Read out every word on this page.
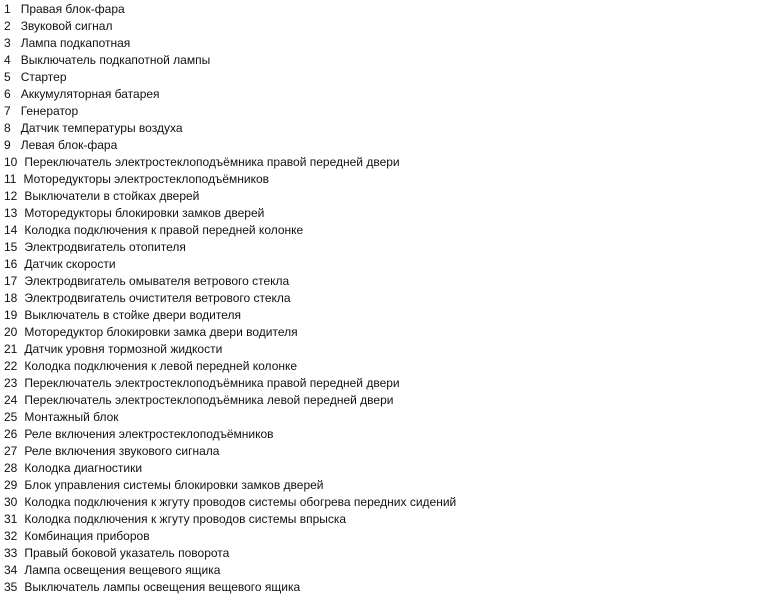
1 Правая блок-фара
2 Звуковой сигнал
3 Лампа подкапотная
4 Выключатель подкапотной лампы
5 Стартер
6 Аккумуляторная батарея
7 Генератор
8 Датчик температуры воздуха
9 Левая блок-фара
10 Переключатель электростеклоподъёмника правой передней двери
11 Моторедукторы электростеклоподъёмников
12 Выключатели в стойках дверей
13 Моторедукторы блокировки замков дверей
14 Колодка подключения к правой передней колонке
15 Электродвигатель отопителя
16 Датчик скорости
17 Электродвигатель омывателя ветрового стекла
18 Электродвигатель очистителя ветрового стекла
19 Выключатель в стойке двери водителя
20 Моторедуктор блокировки замка двери водителя
21 Датчик уровня тормозной жидкости
22 Колодка подключения к левой передней колонке
23 Переключатель электростеклоподъёмника правой передней двери
24 Переключатель электростеклоподъёмника левой передней двери
25 Монтажный блок
26 Реле включения электростеклоподъёмников
27 Реле включения звукового сигнала
28 Колодка диагностики
29 Блок управления системы блокировки замков дверей
30 Колодка подключения к жгуту проводов системы обогрева передних сидений
31 Колодка подключения к жгуту проводов системы впрыска
32 Комбинация приборов
33 Правый боковой указатель поворота
34 Лампа освещения вещевого ящика
35 Выключатель лампы освещения вещевого ящика
